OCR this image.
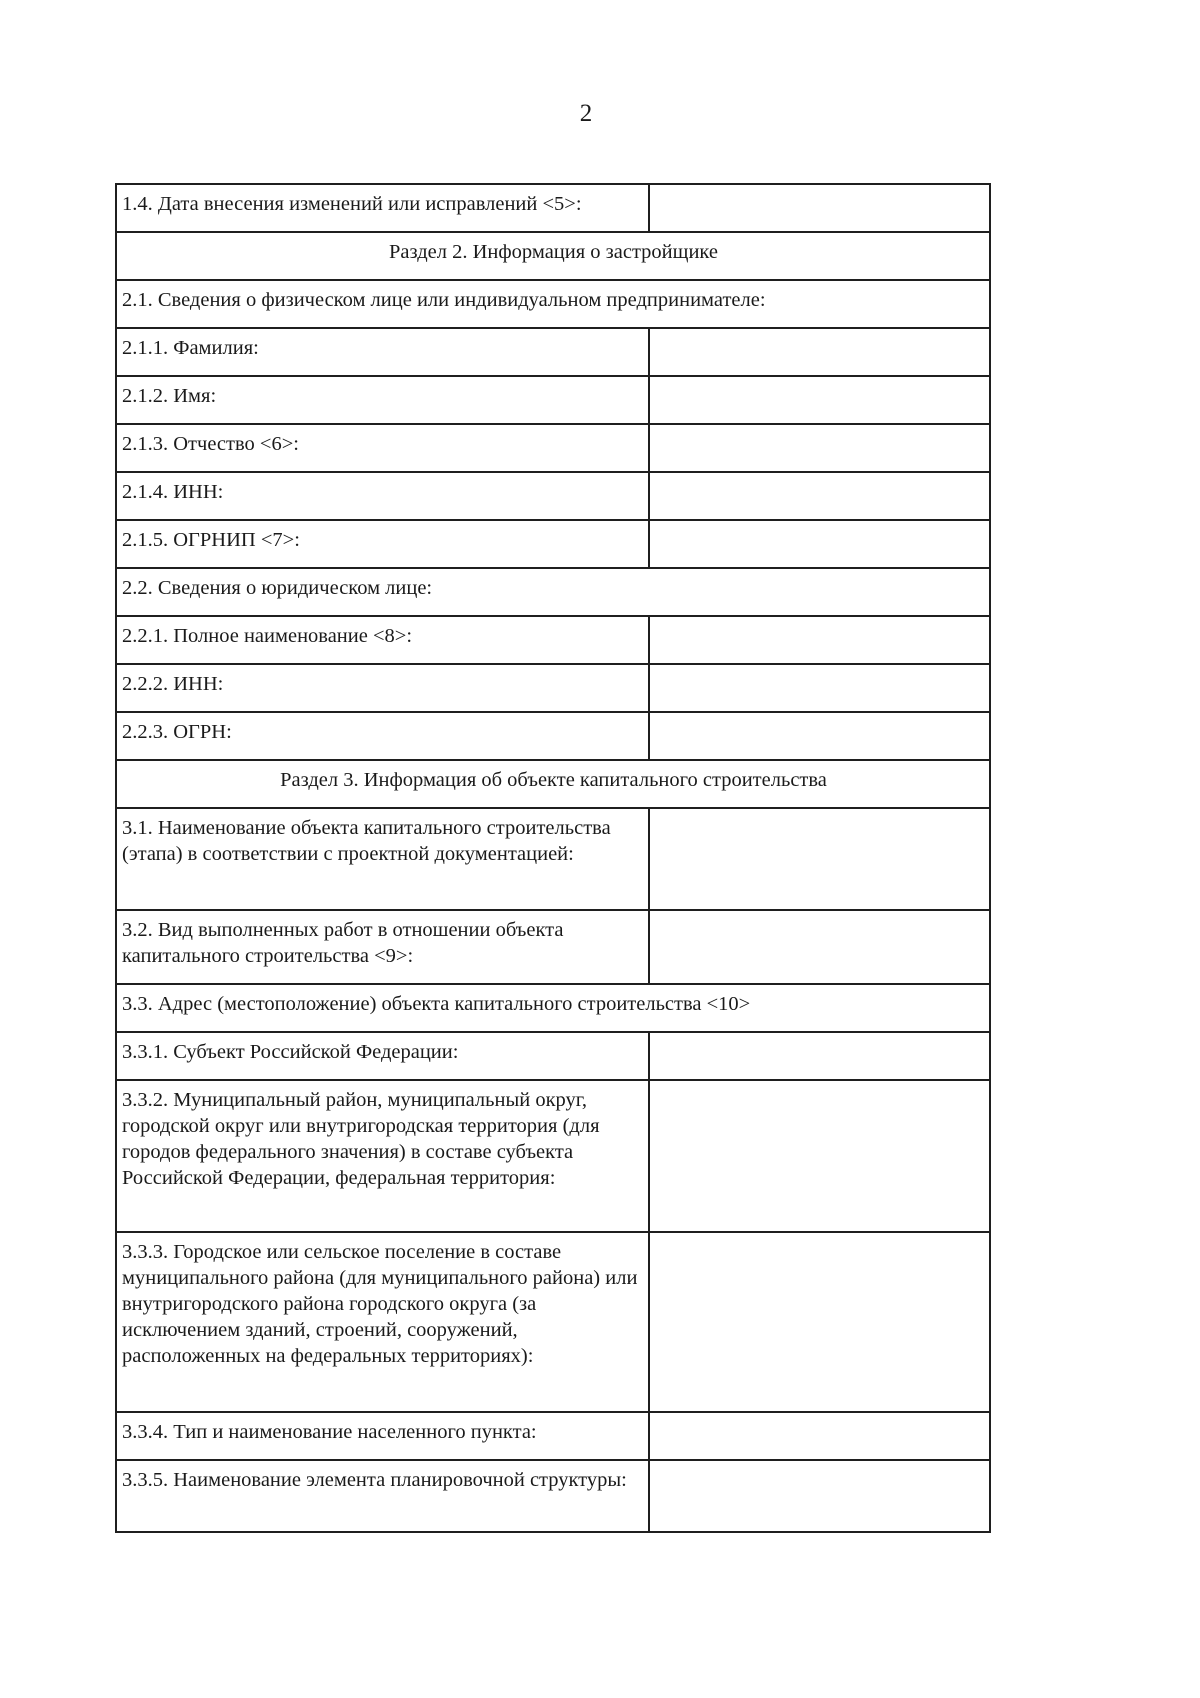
2
1.4. Дата внесения изменений или исправлений <5>:	
Раздел 2. Информация о застройщике	
2.1. Сведения о физическом лице или индивидуальном предпринимателе:	
2.1.1. Фамилия:	
2.1.2. Имя:	
2.1.3. Отчество <6>:	
2.1.4. ИНН:	
2.1.5. ОГРНИП <7>:	
2.2. Сведения о юридическом лице:	
2.2.1. Полное наименование <8>:	
2.2.2. ИНН:	
2.2.3. ОГРН:	
Раздел 3. Информация об объекте капитального строительства	
3.1. Наименование объекта капитального строительства (этапа) в соответствии с проектной документацией:	
3.2. Вид выполненных работ в отношении объекта капитального строительства <9>:	
3.3. Адрес (местоположение) объекта капитального строительства <10>	
3.3.1. Субъект Российской Федерации:	
3.3.2. Муниципальный район, муниципальный округ, городской округ или внутригородская территория (для городов федерального значения) в составе субъекта Российской Федерации, федеральная территория:	
3.3.3. Городское или сельское поселение в составе муниципального района (для муниципального района) или внутригородского района городского округа (за исключением зданий, строений, сооружений, расположенных на федеральных территориях):	
3.3.4. Тип и наименование населенного пункта:	
3.3.5. Наименование элемента планировочной структуры:	
